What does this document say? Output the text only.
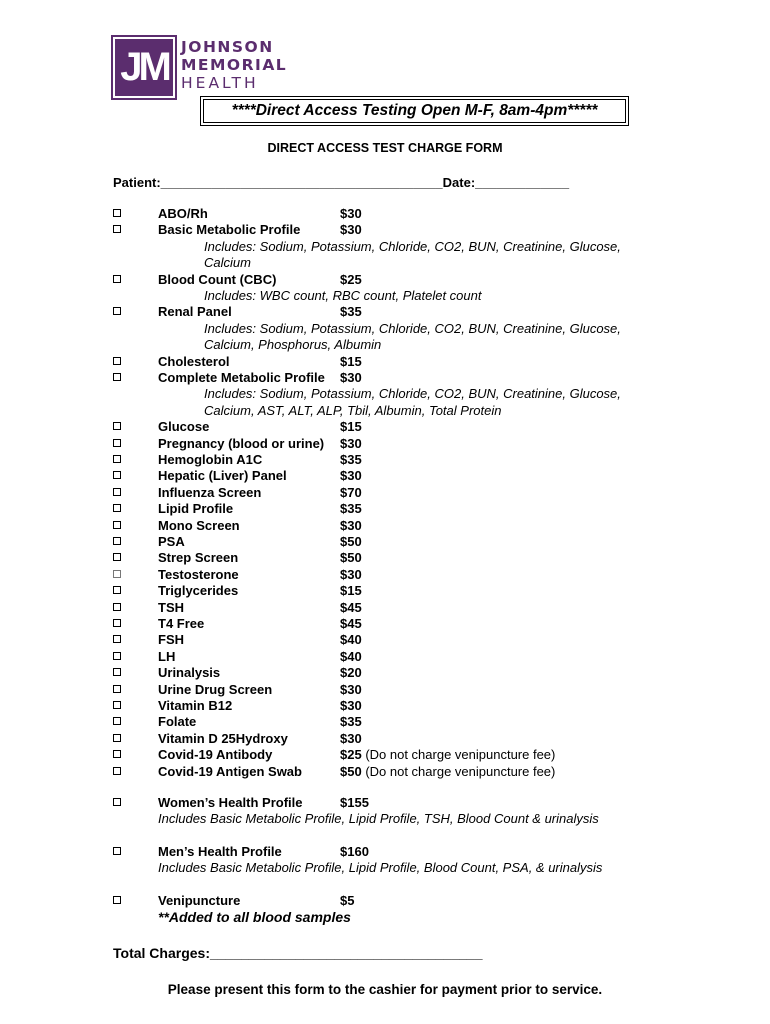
JM JOHNSON
MEMORIAL
HEALTH
****Direct Access Testing Open M-F, 8am-4pm*****
DIRECT ACCESS TEST CHARGE FORM
Patient:_______________________________________Date:_____________
ABO/Rh	$30
Basic Metabolic Profile	$30
Includes: Sodium, Potassium, Chloride, CO2, BUN, Creatinine, Glucose,
Calcium
Blood Count (CBC)	$25
Includes: WBC count, RBC count, Platelet count
Renal Panel	$35
Includes: Sodium, Potassium, Chloride, CO2, BUN, Creatinine, Glucose,
Calcium, Phosphorus, Albumin
Cholesterol	$15
Complete Metabolic Profile $30
Includes: Sodium, Potassium, Chloride, CO2, BUN, Creatinine, Glucose,
Calcium, AST, ALT, ALP, Tbil, Albumin, Total Protein
Glucose	$15
Pregnancy (blood or urine) $30
Hemoglobin A1C	$35
Hepatic (Liver) Panel	$30
Influenza Screen	$70
Lipid Profile	$35
Mono Screen	$30
PSA	$50
Strep Screen	$50
Testosterone	$30
Triglycerides	$15
TSH	$45
T4 Free	$45
FSH	$40
LH	$40
Urinalysis	$20
Urine Drug Screen	$30
Vitamin B12	$30
Folate	$35
Vitamin D 25Hydroxy	$30
Covid-19 Antibody	$25 (Do not charge venipuncture fee)
Covid-19 Antigen Swab	$50 (Do not charge venipuncture fee)
Women’s Health Profile	$155
Includes Basic Metabolic Profile, Lipid Profile, TSH, Blood Count & urinalysis
Men’s Health Profile	$160
Includes Basic Metabolic Profile, Lipid Profile, Blood Count, PSA, & urinalysis
Venipuncture	$5
**Added to all blood samples
Total Charges:___________________________________
Please present this form to the cashier for payment prior to service.
